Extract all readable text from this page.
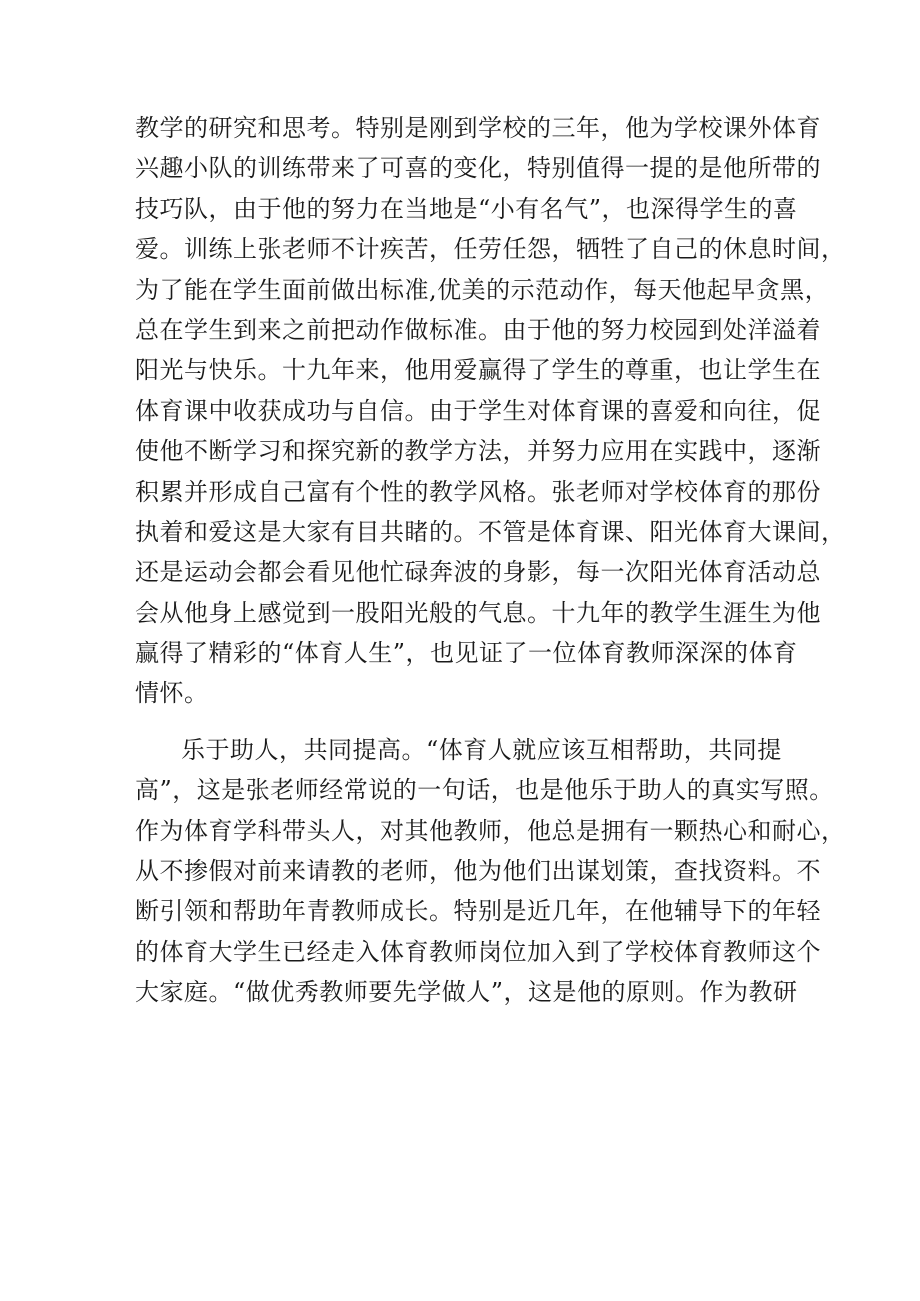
教学的研究和思考。特别是刚到学校的三年，他为学校课外体育
兴趣小队的训练带来了可喜的变化，特别值得一提的是他所带的
技巧队，由于他的努力在当地是“小有名气”，也深得学生的喜
爱。训练上张老师不计疾苦，任劳任怨，牺牲了自己的休息时间，
为了能在学生面前做出标准,优美的示范动作，每天他起早贪黑，
总在学生到来之前把动作做标准。由于他的努力校园到处洋溢着
阳光与快乐。十九年来，他用爱赢得了学生的尊重，也让学生在
体育课中收获成功与自信。由于学生对体育课的喜爱和向往，促
使他不断学习和探究新的教学方法，并努力应用在实践中，逐渐
积累并形成自己富有个性的教学风格。张老师对学校体育的那份
执着和爱这是大家有目共睹的。不管是体育课、阳光体育大课间，
还是运动会都会看见他忙碌奔波的身影，每一次阳光体育活动总
会从他身上感觉到一股阳光般的气息。十九年的教学生涯生为他
赢得了精彩的“体育人生”，也见证了一位体育教师深深的体育
情怀。
乐于助人，共同提高。“体育人就应该互相帮助，共同提
高”，这是张老师经常说的一句话，也是他乐于助人的真实写照。
作为体育学科带头人，对其他教师，他总是拥有一颗热心和耐心，
从不掺假对前来请教的老师，他为他们出谋划策，查找资料。不
断引领和帮助年青教师成长。特别是近几年，在他辅导下的年轻
的体育大学生已经走入体育教师岗位加入到了学校体育教师这个
大家庭。“做优秀教师要先学做人”，这是他的原则。作为教研
